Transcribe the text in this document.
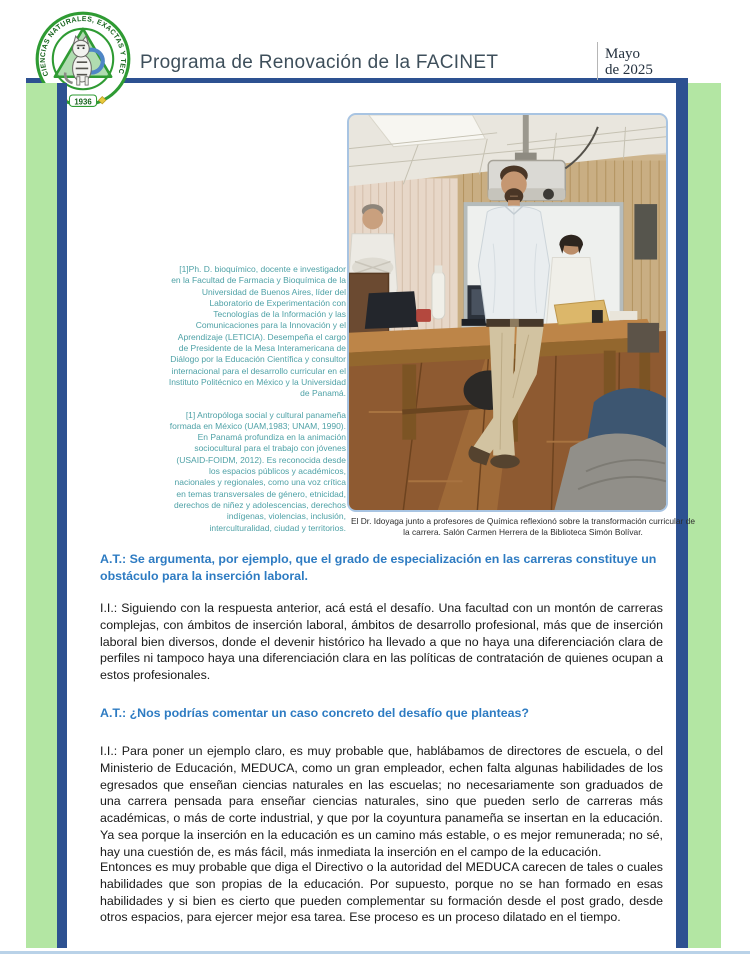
CIENCIAS NATURALES, EXACTAS Y TEC
1936
Programa de Renovación de la FACINET	Mayo
de 2025

El Dr. Idoyaga junto a profesores de Química reflexionó sobre la transformación curricular de la carrera. Salón Carmen Herrera de la Biblioteca Simón Bolívar.

[1]Ph. D. bioquímico, docente e investigador en la Facultad de Farmacia y Bioquímica de la Universidad de Buenos Aires, líder del Laboratorio de Experimentación con Tecnologías de la Información y las Comunicaciones para la Innovación y el Aprendizaje (LETICIA). Desempeña el cargo de Presidente de la Mesa Interamericana de Diálogo por la Educación Científica y consultor internacional para el desarrollo curricular en el Instituto Politécnico en México y la Universidad de Panamá.

[1] Antropóloga social y cultural panameña formada en México (UAM,1983; UNAM, 1990). En Panamá profundiza en la animación sociocultural para el trabajo con jóvenes (USAID-FOIDM, 2012). Es reconocida desde los espacios públicos y académicos, nacionales y regionales, como una voz crítica en temas transversales de género, etnicidad, derechos de niñez y adolescencias, derechos indígenas, violencias, inclusión, interculturalidad, ciudad y territorios.

A.T.: Se argumenta, por ejemplo, que el grado de especialización en las carreras constituye un obstáculo para la inserción laboral.

I.I.: Siguiendo con la respuesta anterior, acá está el desafío. Una facultad con un montón de carreras complejas, con ámbitos de inserción laboral, ámbitos de desarrollo profesional, más que de inserción laboral bien diversos, donde el devenir histórico ha llevado a que no haya una diferenciación clara de perfiles ni tampoco haya una diferenciación clara en las políticas de contratación de quienes ocupan a estos profesionales.

A.T.: ¿Nos podrías comentar un caso concreto del desafío que planteas?

I.I.: Para poner un ejemplo claro, es muy probable que, hablábamos de directores de escuela, o del Ministerio de Educación, MEDUCA, como un gran empleador, echen falta algunas habilidades de los egresados que enseñan ciencias naturales en las escuelas; no necesariamente son graduados de una carrera pensada para enseñar ciencias naturales, sino que pueden serlo de carreras más académicas, o más de corte industrial, y que por la coyuntura panameña se insertan en la educación. Ya sea porque la inserción en la educación es un camino más estable, o es mejor remunerada; no sé, hay una cuestión de, es más fácil, más inmediata la inserción en el campo de la educación.

Entonces es muy probable que diga el Directivo o la autoridad del MEDUCA carecen de tales o cuales habilidades que son propias de la educación. Por supuesto, porque no se han formado en esas habilidades y si bien es cierto que pueden complementar su formación desde el post grado, desde otros espacios, para ejercer mejor esa tarea. Ese proceso es un proceso dilatado en el tiempo.
